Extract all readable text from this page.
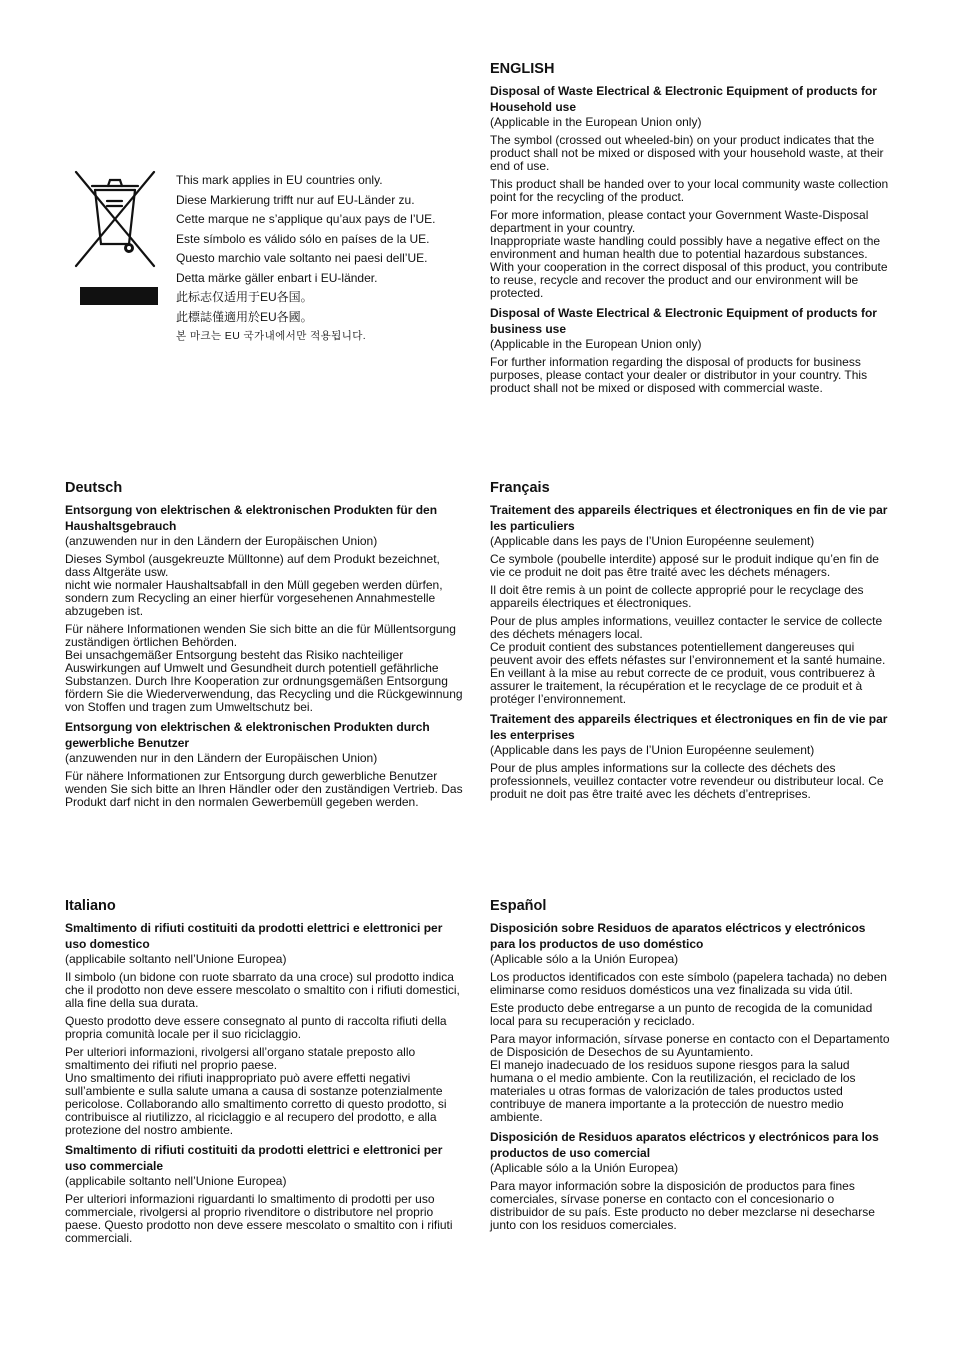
This mark applies in EU countries only.
Diese Markierung trifft nur auf EU-Länder zu.
Cette marque ne s’applique qu’aux pays de l’UE.
Este símbolo es válido sólo en países de la UE.
Questo marchio vale soltanto nei paesi dell’UE.
Detta märke gäller enbart i EU-länder.
此标志仅适用于EU各国。
此標誌僅適用於EU各國。
본 마크는 EU 국가내에서만 적용됩니다.
ENGLISH
Disposal of Waste Electrical & Electronic Equipment of products for Household use
(Applicable in the European Union only)

The symbol (crossed out wheeled-bin) on your product indicates that the product shall not be mixed or disposed with your household waste, at their end of use.

This product shall be handed over to your local community waste collection point for the recycling of the product.

For more information, please contact your Government Waste-Disposal department in your country.

Inappropriate waste handling could possibly have a negative effect on the environment and human health due to potential hazardous substances. With your cooperation in the correct disposal of this product, you contribute to reuse, recycle and recover the product and our environment will be protected.

Disposal of Waste Electrical & Electronic Equipment of products for business use
(Applicable in the European Union only)

For further information regarding the disposal of products for business purposes, please contact your dealer or distributor in your country. This product shall not be mixed or disposed with commercial waste.

Deutsch
Entsorgung von elektrischen & elektronischen Produkten für den Haushaltsgebrauch
(anzuwenden nur in den Ländern der Europäischen Union)

Dieses Symbol (ausgekreuzte Mülltonne) auf dem Produkt bezeichnet, dass Altgeräte usw.

nicht wie normaler Haushaltsabfall in den Müll gegeben werden dürfen, sondern zum Recycling an einer hierfür vorgesehenen Annahmestelle abzugeben ist.

Für nähere Informationen wenden Sie sich bitte an die für Müllentsorgung zuständigen örtlichen Behörden.

Bei unsachgemäßer Entsorgung besteht das Risiko nachteiliger Auswirkungen auf Umwelt und Gesundheit durch potentiell gefährliche Substanzen. Durch Ihre Kooperation zur ordnungsgemäßen Entsorgung fördern Sie die Wiederverwendung, das Recycling und die Rückgewinnung von Stoffen und tragen zum Umweltschutz bei.

Entsorgung von elektrischen & elektronischen Produkten durch gewerbliche Benutzer
(anzuwenden nur in den Ländern der Europäischen Union)

Für nähere Informationen zur Entsorgung durch gewerbliche Benutzer wenden Sie sich bitte an Ihren Händler oder den zuständigen Vertrieb. Das Produkt darf nicht in den normalen Gewerbemüll gegeben werden.

Français
Traitement des appareils électriques et électroniques en fin de vie par les particuliers
(Applicable dans les pays de l’Union Européenne seulement)

Ce symbole (poubelle interdite) apposé sur le produit indique qu’en fin de vie ce produit ne doit pas être traité avec les déchets ménagers.

Il doit être remis à un point de collecte approprié pour le recyclage des appareils électriques et électroniques.

Pour de plus amples informations, veuillez contacter le service de collecte des déchets ménagers local.

Ce produit contient des substances potentiellement dangereuses qui peuvent avoir des effets néfastes sur l’environnement et la santé humaine. En veillant à la mise au rebut correcte de ce produit, vous contribuerez à assurer le traitement, la récupération et le recyclage de ce produit et à protéger l’environnement.

Traitement des appareils électriques et électroniques en fin de vie par les enterprises
(Applicable dans les pays de l’Union Européenne seulement)

Pour de plus amples informations sur la collecte des déchets des professionnels, veuillez contacter votre revendeur ou distributeur local. Ce produit ne doit pas être traité avec les déchets d’entreprises.

Italiano
Smaltimento di rifiuti costituiti da prodotti elettrici e elettronici per uso domestico
(applicabile soltanto nell’Unione Europea)

Il simbolo (un bidone con ruote sbarrato da una croce) sul prodotto indica che il prodotto non deve essere mescolato o smaltito con i rifiuti domestici, alla fine della sua durata.

Questo prodotto deve essere consegnato al punto di raccolta rifiuti della propria comunità locale per il suo riciclaggio.

Per ulteriori informazioni, rivolgersi all’organo statale preposto allo smaltimento dei rifiuti nel proprio paese.

Uno smaltimento dei rifiuti inappropriato può avere effetti negativi sull’ambiente e sulla salute umana a causa di sostanze potenzialmente pericolose. Collaborando allo smaltimento corretto di questo prodotto, si contribuisce al riutilizzo, al riciclaggio e al recupero del prodotto, e alla protezione del nostro ambiente.

Smaltimento di rifiuti costituiti da prodotti elettrici e elettronici per uso commerciale
(applicabile soltanto nell’Unione Europea)

Per ulteriori informazioni riguardanti lo smaltimento di prodotti per uso commerciale, rivolgersi al proprio rivenditore o distributore nel proprio paese. Questo prodotto non deve essere mescolato o smaltito con i rifiuti commerciali.

Español
Disposición sobre Residuos de aparatos eléctricos y electrónicos para los productos de uso doméstico
(Aplicable sólo a la Unión Europea)

Los productos identificados con este símbolo (papelera tachada) no deben eliminarse como residuos domésticos una vez finalizada su vida útil.

Este producto debe entregarse a un punto de recogida de la comunidad local para su recuperación y reciclado.

Para mayor información, sírvase ponerse en contacto con el Departamento de Disposición de Desechos de su Ayuntamiento.

El manejo inadecuado de los residuos supone riesgos para la salud humana o el medio ambiente. Con la reutilización, el reciclado de los materiales u otras formas de valorización de tales productos usted contribuye de manera importante a la protección de nuestro medio ambiente.

Disposición de Residuos aparatos eléctricos y electrónicos para los productos de uso comercial
(Aplicable sólo a la Unión Europea)

Para mayor información sobre la disposición de productos para fines comerciales, sírvase ponerse en contacto con el concesionario o distribuidor de su país. Este producto no deber mezclarse ni desecharse junto con los residuos comerciales.
